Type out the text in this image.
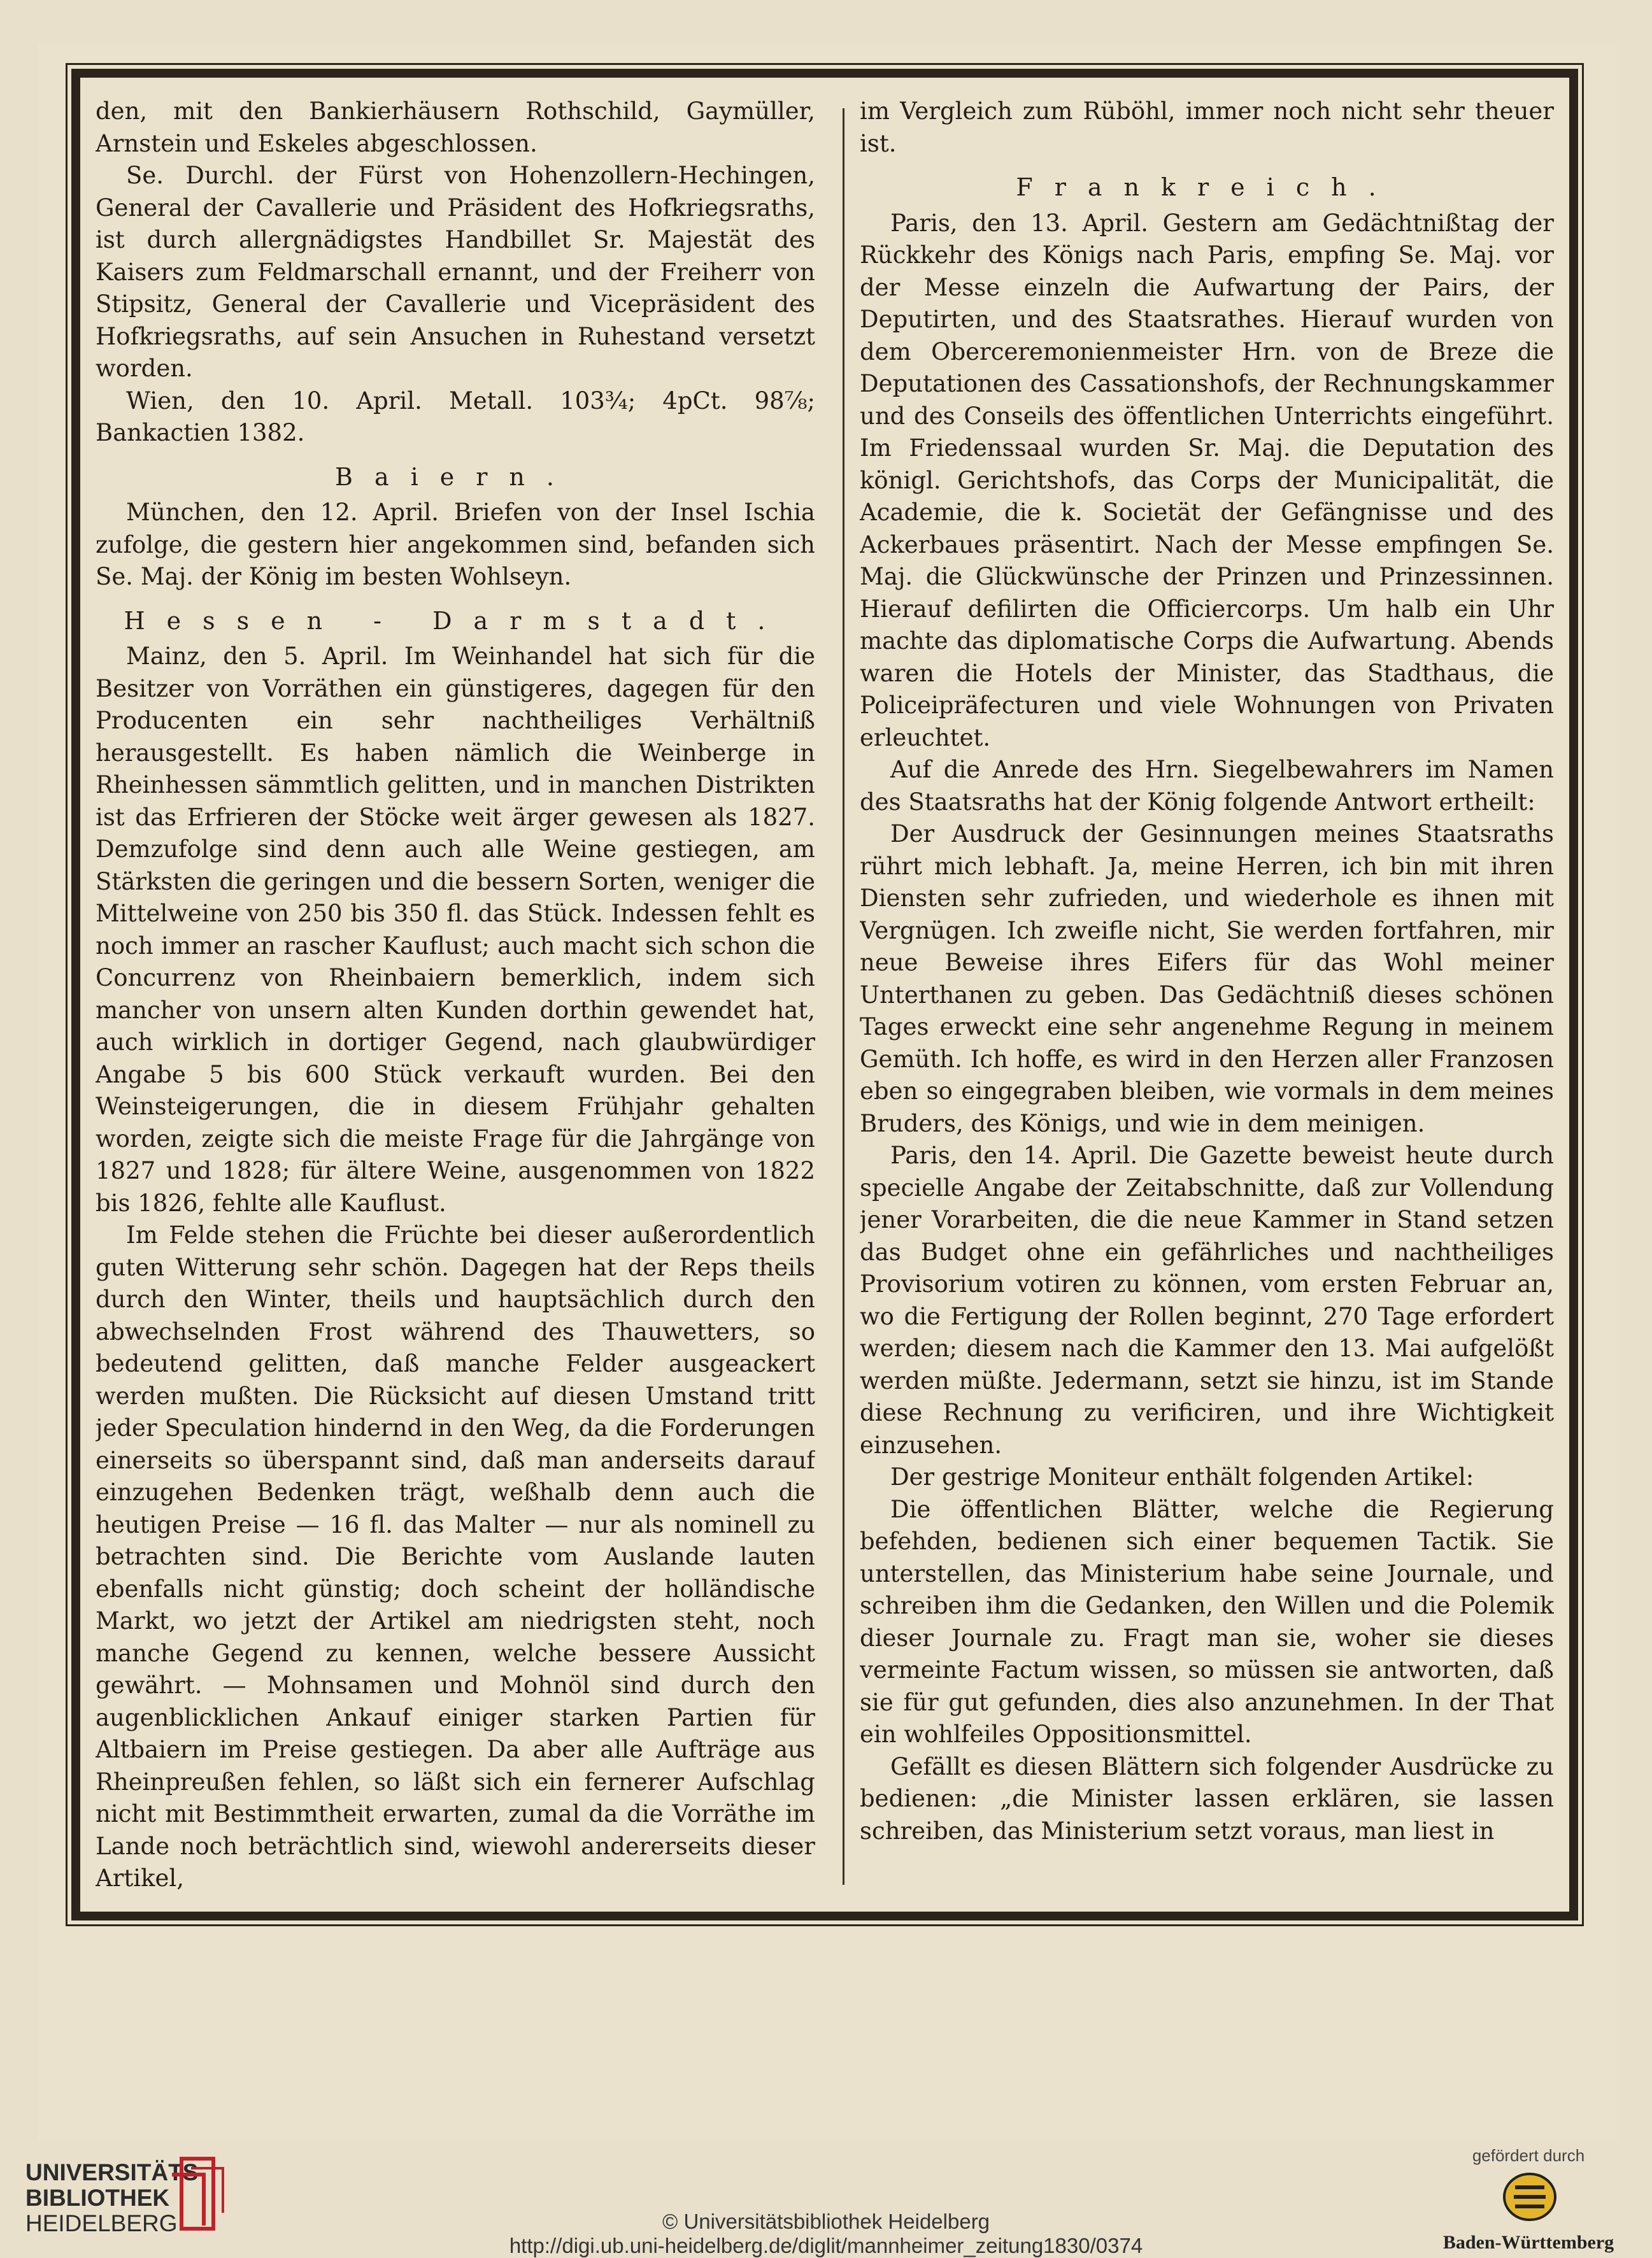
den, mit den Bankierhäusern Rothschild, Gaymüller, Arnstein und Eskeles abgeschlossen.

Se. Durchl. der Fürst von Hohenzollern-Hechingen, General der Cavallerie und Präsident des Hofkriegsraths, ist durch allergnädigstes Handbillet Sr. Majestät des Kaisers zum Feldmarschall ernannt, und der Freiherr von Stipsitz, General der Cavallerie und Vicepräsident des Hofkriegsraths, auf sein Ansuchen in Ruhestand versetzt worden.

Wien, den 10. April. Metall. 103¾; 4pCt. 98⅞; Bankactien 1382.

Baiern.

München, den 12. April. Briefen von der Insel Ischia zufolge, die gestern hier angekommen sind, befanden sich Se. Maj. der König im besten Wohlseyn.

Hessen - Darmstadt.

Mainz, den 5. April. Im Weinhandel hat sich für die Besitzer von Vorräthen ein günstigeres, dagegen für den Producenten ein sehr nachtheiliges Verhältniß herausgestellt. Es haben nämlich die Weinberge in Rheinhessen sämmtlich gelitten, und in manchen Distrikten ist das Erfrieren der Stöcke weit ärger gewesen als 1827. Demzufolge sind denn auch alle Weine gestiegen, am Stärksten die geringen und die bessern Sorten, weniger die Mittelweine von 250 bis 350 fl. das Stück. Indessen fehlt es noch immer an rascher Kauflust; auch macht sich schon die Concurrenz von Rheinbaiern bemerklich, indem sich mancher von unsern alten Kunden dorthin gewendet hat, auch wirklich in dortiger Gegend, nach glaubwürdiger Angabe 5 bis 600 Stück verkauft wurden. Bei den Weinsteigerungen, die in diesem Frühjahr gehalten worden, zeigte sich die meiste Frage für die Jahrgänge von 1827 und 1828; für ältere Weine, ausgenommen von 1822 bis 1826, fehlte alle Kauflust.

Im Felde stehen die Früchte bei dieser außerordentlich guten Witterung sehr schön. Dagegen hat der Reps theils durch den Winter, theils und hauptsächlich durch den abwechselnden Frost während des Thauwetters, so bedeutend gelitten, daß manche Felder ausgeackert werden mußten. Die Rücksicht auf diesen Umstand tritt jeder Speculation hindernd in den Weg, da die Forderungen einerseits so überspannt sind, daß man anderseits darauf einzugehen Bedenken trägt, weßhalb denn auch die heutigen Preise — 16 fl. das Malter — nur als nominell zu betrachten sind. Die Berichte vom Auslande lauten ebenfalls nicht günstig; doch scheint der holländische Markt, wo jetzt der Artikel am niedrigsten steht, noch manche Gegend zu kennen, welche bessere Aussicht gewährt. — Mohnsamen und Mohnöl sind durch den augenblicklichen Ankauf einiger starken Partien für Altbaiern im Preise gestiegen. Da aber alle Aufträge aus Rheinpreußen fehlen, so läßt sich ein fernerer Aufschlag nicht mit Bestimmtheit erwarten, zumal da die Vorräthe im Lande noch beträchtlich sind, wiewohl andererseits dieser Artikel,

im Vergleich zum Rüböhl, immer noch nicht sehr theuer ist.

Frankreich.

Paris, den 13. April. Gestern am Gedächtnißtag der Rückkehr des Königs nach Paris, empfing Se. Maj. vor der Messe einzeln die Aufwartung der Pairs, der Deputirten, und des Staatsrathes. Hierauf wurden von dem Oberceremonienmeister Hrn. von de Breze die Deputationen des Cassationshofs, der Rechnungskammer und des Conseils des öffentlichen Unterrichts eingeführt. Im Friedenssaal wurden Sr. Maj. die Deputation des königl. Gerichtshofs, das Corps der Municipalität, die Academie, die k. Societät der Gefängnisse und des Ackerbaues präsentirt. Nach der Messe empfingen Se. Maj. die Glückwünsche der Prinzen und Prinzessinnen. Hierauf defilirten die Officiercorps. Um halb ein Uhr machte das diplomatische Corps die Aufwartung. Abends waren die Hotels der Minister, das Stadthaus, die Policeipräfecturen und viele Wohnungen von Privaten erleuchtet.

Auf die Anrede des Hrn. Siegelbewahrers im Namen des Staatsraths hat der König folgende Antwort ertheilt:

Der Ausdruck der Gesinnungen meines Staatsraths rührt mich lebhaft. Ja, meine Herren, ich bin mit ihren Diensten sehr zufrieden, und wiederhole es ihnen mit Vergnügen. Ich zweifle nicht, Sie werden fortfahren, mir neue Beweise ihres Eifers für das Wohl meiner Unterthanen zu geben. Das Gedächtniß dieses schönen Tages erweckt eine sehr angenehme Regung in meinem Gemüth. Ich hoffe, es wird in den Herzen aller Franzosen eben so eingegraben bleiben, wie vormals in dem meines Bruders, des Königs, und wie in dem meinigen.

Paris, den 14. April. Die Gazette beweist heute durch specielle Angabe der Zeitabschnitte, daß zur Vollendung jener Vorarbeiten, die die neue Kammer in Stand setzen das Budget ohne ein gefährliches und nachtheiliges Provisorium votiren zu können, vom ersten Februar an, wo die Fertigung der Rollen beginnt, 270 Tage erfordert werden; diesem nach die Kammer den 13. Mai aufgelößt werden müßte. Jedermann, setzt sie hinzu, ist im Stande diese Rechnung zu verificiren, und ihre Wichtigkeit einzusehen.

Der gestrige Moniteur enthält folgenden Artikel:

Die öffentlichen Blätter, welche die Regierung befehden, bedienen sich einer bequemen Tactik. Sie unterstellen, das Ministerium habe seine Journale, und schreiben ihm die Gedanken, den Willen und die Polemik dieser Journale zu. Fragt man sie, woher sie dieses vermeinte Factum wissen, so müssen sie antworten, daß sie für gut gefunden, dies also anzunehmen. In der That ein wohlfeiles Oppositionsmittel.

Gefällt es diesen Blättern sich folgender Ausdrücke zu bedienen: „die Minister lassen erklären, sie lassen schreiben, das Ministerium setzt voraus, man liest in

UNIVERSITÄTS-
BIBLIOTHEK
HEIDELBERG	© Universitätsbibliothek Heidelberg
http://digi.ub.uni-heidelberg.de/diglit/mannheimer_zeitung1830/0374
gefördert durch
Baden-Württemberg
